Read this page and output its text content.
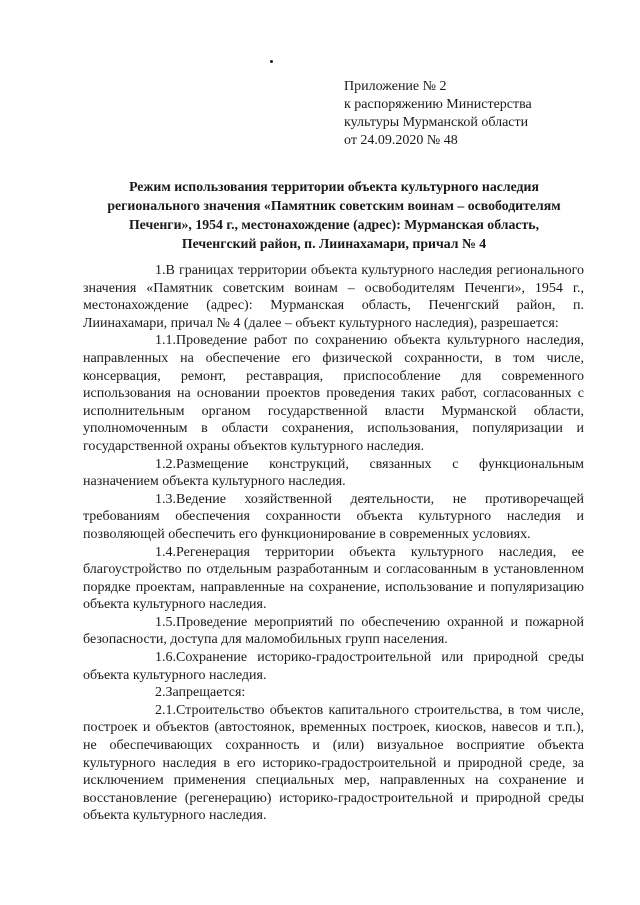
Приложение № 2
к распоряжению Министерства
культуры Мурманской области
от 24.09.2020 № 48
Режим использования территории объекта культурного наследия регионального значения «Памятник советским воинам – освободителям Печенги», 1954 г., местонахождение (адрес): Мурманская область, Печенгский район, п. Лиинахамари, причал № 4

1.В границах территории объекта культурного наследия регионального значения «Памятник советским воинам – освободителям Печенги», 1954 г., местонахождение (адрес): Мурманская область, Печенгский район, п. Лиинахамари, причал № 4 (далее – объект культурного наследия), разрешается:

1.1.Проведение работ по сохранению объекта культурного наследия, направленных на обеспечение его физической сохранности, в том числе, консервация, ремонт, реставрация, приспособление для современного использования на основании проектов проведения таких работ, согласованных с исполнительным органом государственной власти Мурманской области, уполномоченным в области сохранения, использования, популяризации и государственной охраны объектов культурного наследия.

1.2.Размещение конструкций, связанных с функциональным назначением объекта культурного наследия.

1.3.Ведение хозяйственной деятельности, не противоречащей требованиям обеспечения сохранности объекта культурного наследия и позволяющей обеспечить его функционирование в современных условиях.

1.4.Регенерация территории объекта культурного наследия, ее благоустройство по отдельным разработанным и согласованным в установленном порядке проектам, направленные на сохранение, использование и популяризацию объекта культурного наследия.

1.5.Проведение мероприятий по обеспечению охранной и пожарной безопасности, доступа для маломобильных групп населения.

1.6.Сохранение историко-градостроительной или природной среды объекта культурного наследия.

2.Запрещается:

2.1.Строительство объектов капитального строительства, в том числе, построек и объектов (автостоянок, временных построек, киосков, навесов и т.п.), не обеспечивающих сохранность и (или) визуальное восприятие объекта культурного наследия в его историко-градостроительной и природной среде, за исключением применения специальных мер, направленных на сохранение и восстановление (регенерацию) историко-градостроительной и природной среды объекта культурного наследия.
